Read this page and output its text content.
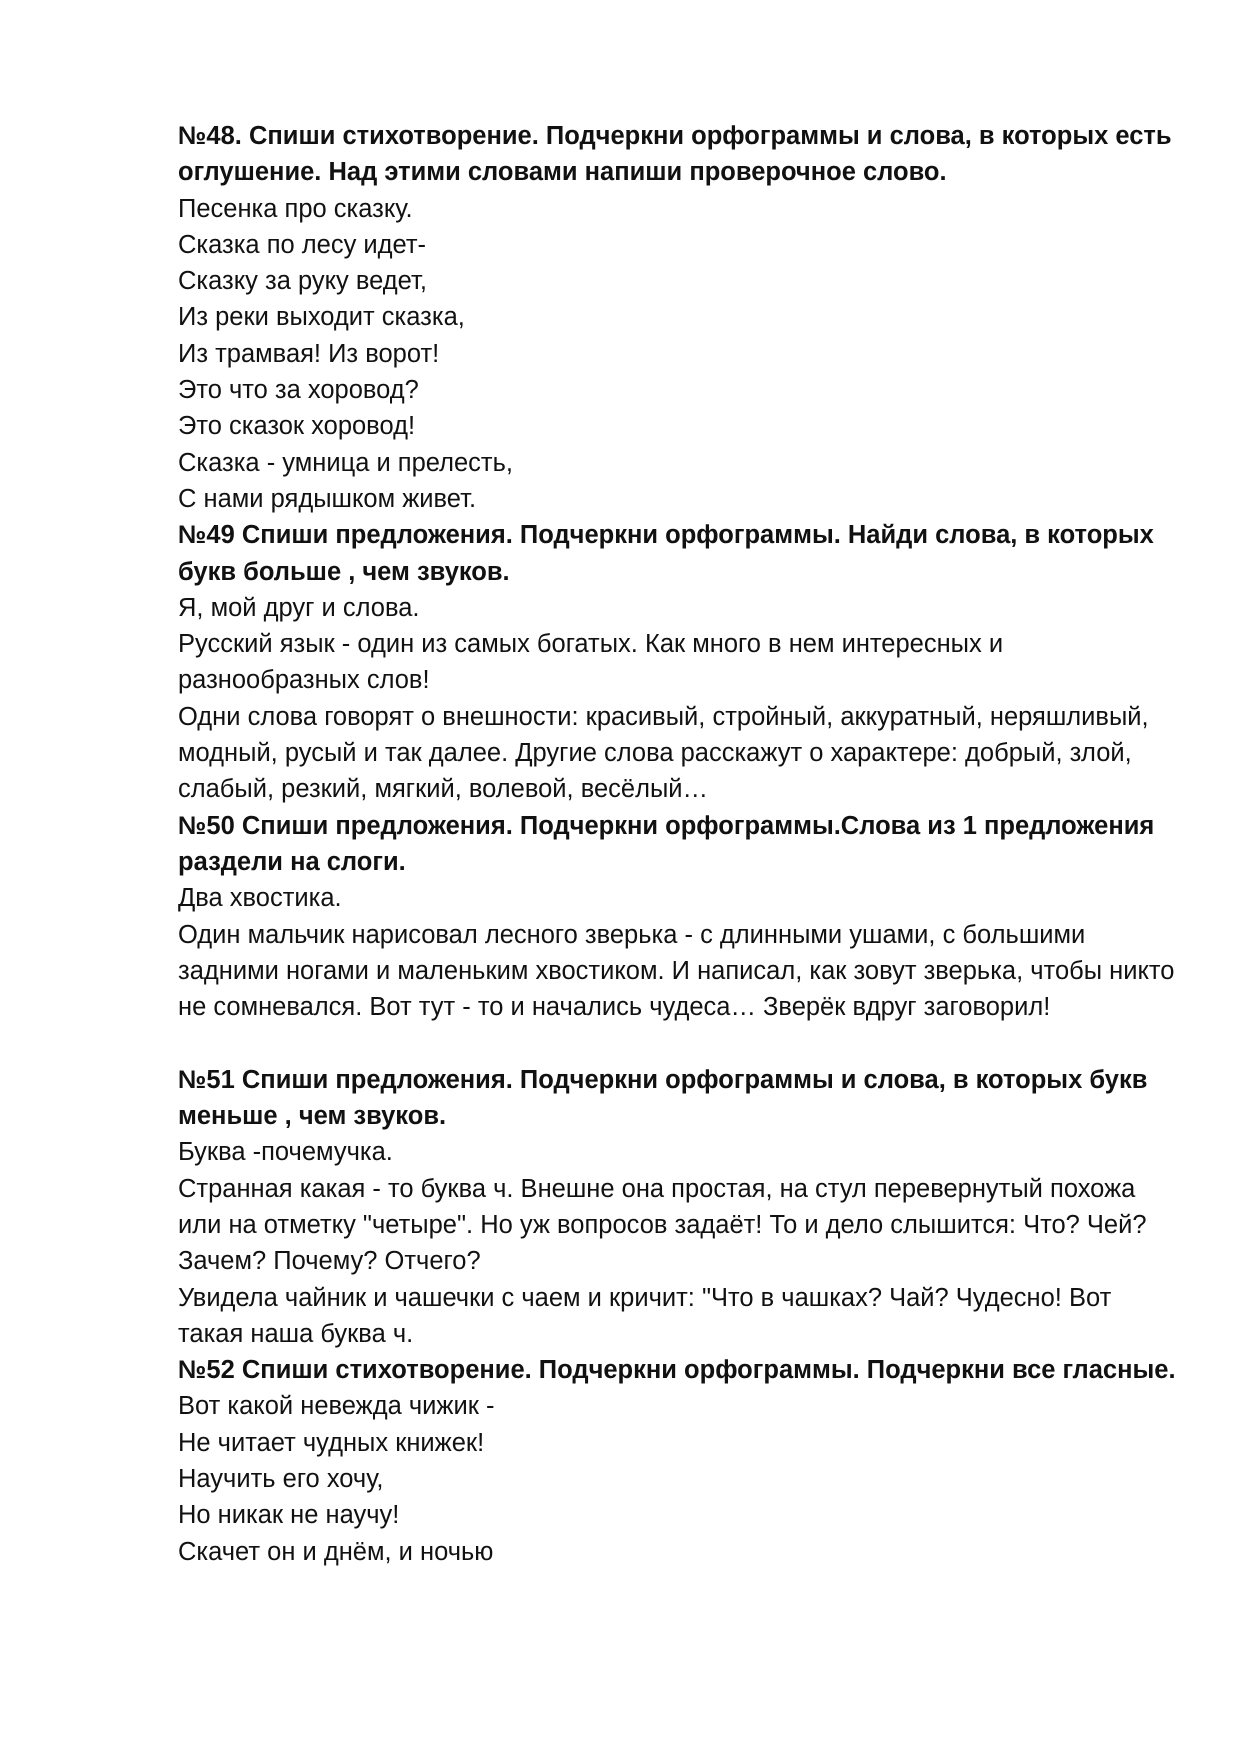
№48. Спиши стихотворение. Подчеркни орфограммы и слова, в которых есть оглушение. Над этими словами напиши проверочное слово.
Песенка про сказку.
Сказка по лесу идет-
Сказку за руку ведет,
Из реки выходит сказка,
Из трамвая! Из ворот!
Это что за хоровод?
Это сказок хоровод!
Сказка - умница и прелесть,
С нами рядышком живет.
№49 Спиши предложения. Подчеркни орфограммы. Найди слова, в которых букв больше , чем звуков.
Я, мой друг и слова.
Русский язык - один из самых богатых. Как много в нем интересных и разнообразных слов!
Одни слова говорят о внешности: красивый, стройный, аккуратный, неряшливый, модный, русый и так далее. Другие слова расскажут о характере: добрый, злой, слабый, резкий, мягкий, волевой, весёлый…
№50 Спиши предложения. Подчеркни орфограммы.Слова из 1 предложения раздели на слоги.
Два хвостика.
Один мальчик нарисовал лесного зверька - с длинными ушами, с большими задними ногами и маленьким хвостиком. И написал, как зовут зверька, чтобы никто не сомневался. Вот тут - то и начались чудеса… Зверёк вдруг заговорил!
№51 Спиши предложения. Подчеркни орфограммы и слова, в которых букв меньше , чем звуков.
Буква -почемучка.
Странная какая - то буква ч. Внешне она простая, на стул перевернутый похожа или на отметку "четыре". Но уж вопросов задаёт! То и дело слышится: Что? Чей? Зачем? Почему? Отчего?
Увидела чайник и чашечки с чаем и кричит: "Что в чашках? Чай? Чудесно! Вот такая наша буква ч.
№52 Спиши стихотворение. Подчеркни орфограммы. Подчеркни все гласные.
Вот какой невежда чижик -
Не читает чудных книжек!
Научить его хочу,
Но никак не научу!
Скачет он и днём, и ночью
